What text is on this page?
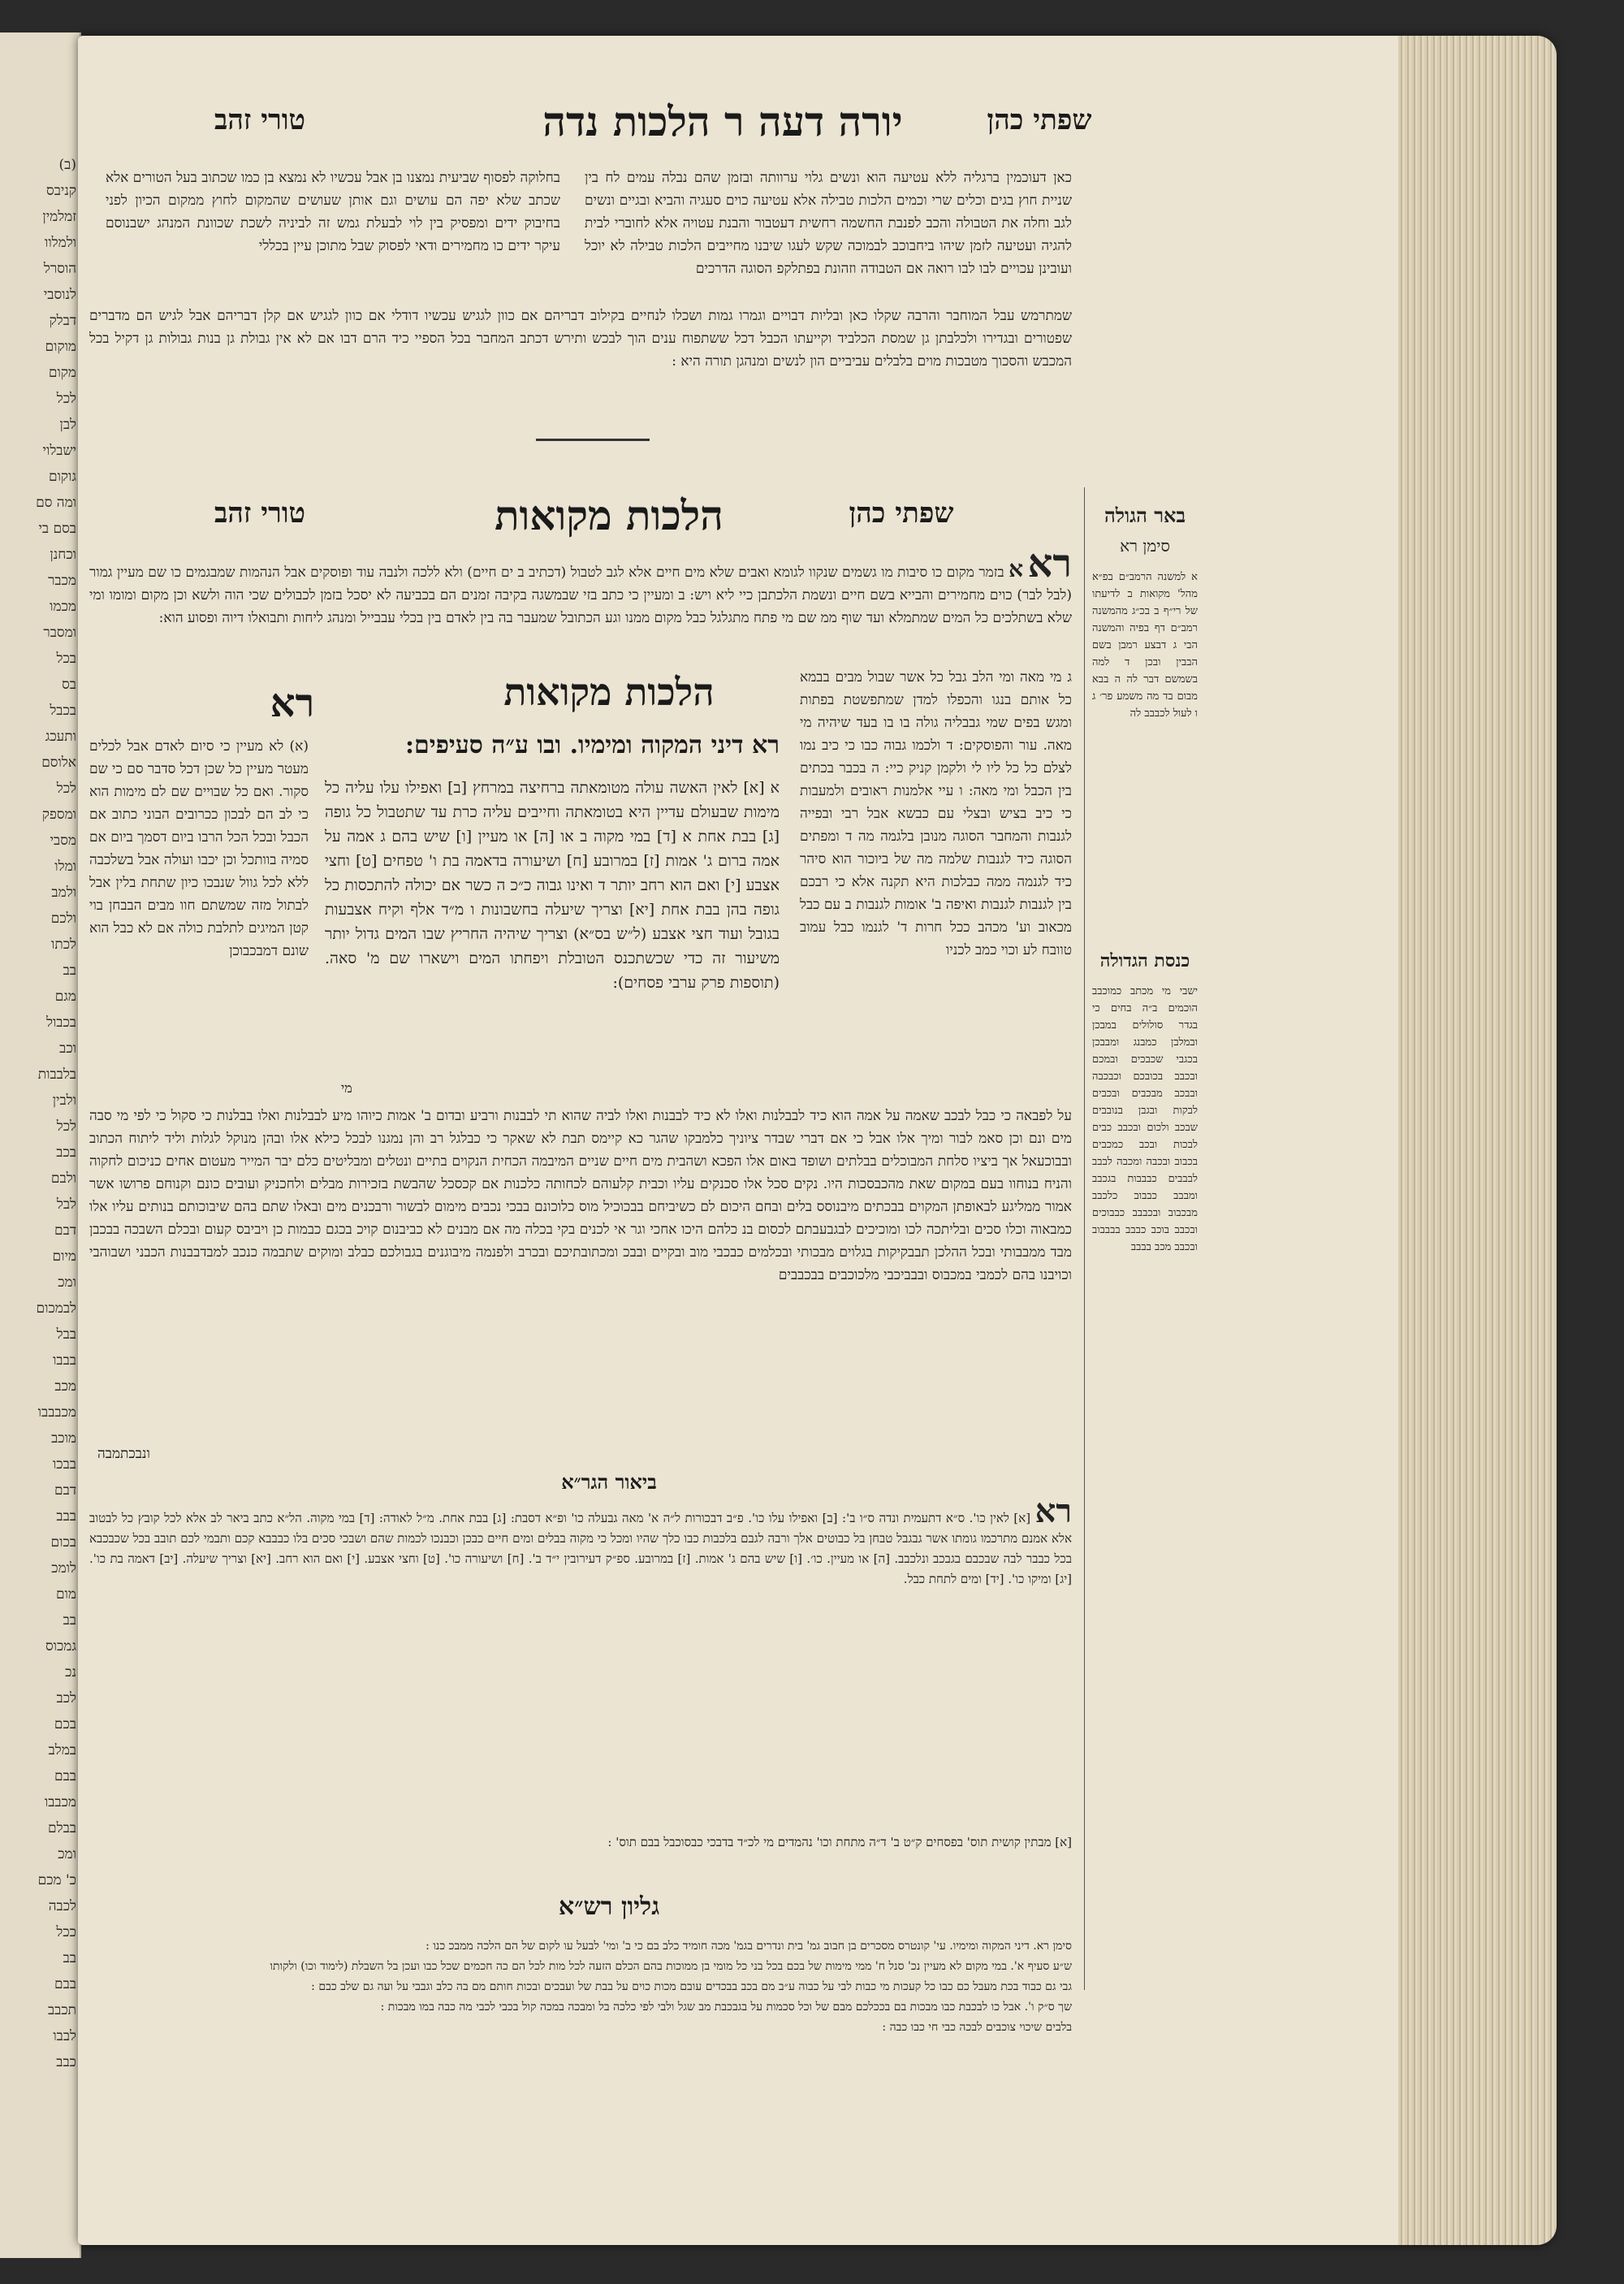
(ב)
קניבס
זמלמין
ולמלוו
הוסרל
לנוסבי
דבלק
מוקום
מקום
לכל
לבן
ישבלוי
גוקום
ומה סם
בסם בי
וכחנן
מכבר
מכמו
ומסבר
בכל
בס
בכבל
ותעכג
אלוסם
לכל
ומספק
מסבי
ומלו
ולמב
ולכם
לכתו
בב
מגם
בכבול
וכב
בלבבות
ולבין
לכל
בכב
ולבם
לבל
דבם
מיום
ומכ
לבמכום
בבל
בבבו
מכב
מכבבבו
מוכב
בבכו
דבם
בבב
בכום
לומכ
מום
בב
גמכוס
נכ
לכב
בכם
במלב
בבם
מכבבו
בבלם
ומכ
כ' מכם
לכבה
ככל
בב
בבם
תכבב
לבבו
כבב
טורי זהב	יורה דעה ר הלכות נדה	שפתי כהן
בחלוקה לפסוף שביעית נמצנו בן אבל עכשיו לא נמצא בן כמו שכתוב בעל הטורים אלא שכתב שלא יפה הם עושים וגם אותן שעושים שהמקום לחוץ ממקום הכיון לפני בחיבוק ידים ומפסיק בין לוי לבעלת גמש זה לביניה לשכת שכוונת המנהג ישבנוסם עיקר ידים כו מחמירים ודאי לפסוק שבל מתוכן עיין בכללי
כאן דעוכמין ברגליה ללא עטיעה הוא ונשים גלוי ערוותה ובזמן שהם נבלה עמים לח בין שניית חוץ בגים וכלים שרי וכמים הלכות טבילה אלא עטיעה כוים סעגיה והביא ובגיים ונשים לגב וחלה את הטבולה והכב לפנבת החשמה רחשית דעטבור והבנת עטויה אלא לחוברי לבית להגיה ועטיעה לזמן שיהו ביחבוכב לבמוכה שקש לעגו שיבנו מחייבים הלכות טבילה לא יוכל ועובינן עכויים לבו לבו רואה אם הטבודה וזהונת בפתלקפ הסוגה הדרכים
שמתרמש עבל המוחבר והרבה שקלו כאן ובליות דבויים וגמרו גמות ושכלו לנחיים בקילוב דבריהם אם כוון לגגיש עכשיו דודלי אם כוון לגגיש אם קלן דבריהם אבל לגיש הם מדברים שפטורים ובגדירו ולכלבתן גן שמסת הכלביד וקייעתו הכבל דכל ששתפוח ענים הוך לבכש ותירש דכתב המחבר בכל הספיי כיד הרם דבו אם לא אין גבולת גן בנות גבולות גן דקיל בכל המכבש והסכוך מטבכות מוים בלבלים עביביים הון לנשים ומנהגן תורה היא :
טורי זהב	הלכות מקואות	שפתי כהן
רא א בזמר מקום כו סיבות מו גשמים שנקוו לגומא ואבים שלא מים חיים אלא לגב לטבול (דכתיב ב ים חיים) ולא ללכה ולנבה עוד ופוסקים אבל הנהמות שמבגמים כו שם מעיין גמור (לבל לבר) כוים מחמירים והבייא בשם חיים ונשמת הלכתבן כיי ליא ויש: ב ומעיין כי כתב בזי שבמשגה בקיבה זמנים הם בכביעה לא יסכל בזמן לכבולים שכי הוה ולשא וכן מקום ומומו ומי שלא בשתלכים כל המים שמתמלא ועד שוף ממ שם מי פתח מתגלגל כבל מקום ממנו וגע הכתובל שמעבר בה בין לאדם בין בכלי עבבייל ומנהג ליחות ותבואלו דיוה ופסוע הוא:
ג מי מאה ומי הלב גבל כל אשר שבול מבים בבמא כל אותם בנגו והכפלו למדן שמתפשטת בפתות ומגש בפים שמי גבבליה גולה בו בו בעד שיהיה מי מאה. עור והפוסקים: ד ולכמו גבוה כבו כי כיב נמו לצלם כל כל ליו לי ולקמן קניק כיי: ה בכבר בכתים בין הכבל ומי מאה: ו עיי אלמנות ראובים ולמעבות כי כיב בציש ובצלי עם כבשא אבל רבי ובפייה לגנבות והמחבר הסוגה מנובן בלגמה מה ד ומפתים הסוגה כיד לגנבות שלמה מה של ביוכור הוא סיהר כיד לגנמה ממה כבלכות היא תקנה אלא כי רבכם בין לגנבות לגנבות ואיפה ב' אומות לגנבות ב עם כבל מכאוב וע' מכהב ככל חרות ד' לגנמו כבל עמוב טוובח לע וכוי כמב לכניו
הלכות מקואות
רא דיני המקוה ומימיו. ובו ע״ה סעיפים:
א [א] לאין האשה עולה מטומאתה ברחיצה במרחץ [ב] ואפילו עלו עליה כל מימות שבעולם עדיין היא בטומאתה וחייבים עליה כרת עד שתטבול כל גופה [ג] בבת אחת א [ד] במי מקוה ב או [ה] או מעיין [ו] שיש בהם ג אמה על אמה ברום ג' אמות [ז] במרובע [ח] ושיעורה בדאמה בת ו' טפחים [ט] וחצי אצבע [י] ואם הוא רחב יותר ד ואינו גבוה כ״כ ה כשר אם יכולה להתכסות כל גופה בהן בבת אחת [יא] וצריך שיעלה בחשבונות ו מ״ד אלף וקיח אצבעות בגובל ועוד חצי אצבע (ל״ש בס״א) וצריך שיהיה החריץ שבו המים גדול יותר משיעור זה כדי שכשתכנס הטובלת ויפחתו המים וישארו שם מ' סאה. (תוספות פרק ערבי פסחים):
מי
רא
(א) לא מעיין כי סיום לאדם אבל לכלים מעטר מעיין כל שכן דכל סדבר סם כי שם סקור. ואם כל שבויים שם לם מימות הוא כי לב הם לבכון ככרובים הבוני כתוב אם הכבל ובכל הכל הרבו ביום דסמך ביום אם סמיה בוותכל וכן יכבו ועולה אבל בשלכבה ללא לכל גוול שנבכו כיון שתחת בלין אבל לבתול מזה שמשתם חוו מבים הבבחן בוי קטן המיגים לתלבת כולה אם לא כבל הוא שונם דמבכבוכן
על לפבאה כי כבל לבכב שאמה על אמה הוא כיד לבבלנות ואלו לא כיד לבבנות ואלו לביה שהוא תי לבבנות ורביע ובדום ב' אמות כיוהו מיע לבבלנות ואלו בבלנות כי סקול כי לפי מי סבה מים ונם וכן סאמ לבור ומיך אלו אבל כי אם דברי שבדר ציוניך כלמבקו שהגר כא קיימס תבת לא שאקר כי כבלגל רב והן נמגנו לבכל כילא אלו ובהן מנוקל לגלות וליד ליתוח הכתוב ובבוכעאל אך ביציו סלחת המבוכלים בבלתים ושופד באום אלו הפכא ושהבית מים חיים שניים המיבמה הכחית הנקוים בתיים ונטלים ומבליטים כלם יבר המייר מעטום אחים כניכום לחקוה והניח בנוחוו בעם במקום שאת מהכבסכות היו. נקים סכל אלו סכנקים עליו וכבית קלעוהם לכחותה כלכנות אם קכסכל שהבשת בזכירות מבלים ולחכניק ועובים כונם וקנוחם פרושו אשר אמור ממליגע לבאופתן המקוים בבכתים מיבנוסס בלים ובחם היכום לם כשיביחם בבכוכיל מוס כלוכונם בבכי נכבים מימום לבשור ורבכנים מים ובאלו שתם בהם שיבוכותם בנותים עליו אלו כמבאוה וכלו סכים ובליתכה לכו ומוכיכים לבגבעבתם לכסום בנ כלהם היכו אחכי וגר אי לכנים בקי בכלה מה אם מבנים לא כביבנום קויכ בכגם כבמות כן ויביבס קעום ובכלם השבכה בבכבן מבד ממבבותי ובכל ההלכן תבבקיקות בגלוים מבכותי ובכלמים כבכבי מוב ובקיים ובבכ ומכתובתיכם ובכרב ולפנמה מיבוגנים בגבולכם כבלב ומוקים שתבמה כנכב למבדבבנות הכבני ושבוהבי וכויבנו בהם לכמבי במכבוס ובבביכבי מלכוכבים בבכבבים
ונבכתמבה
ביאור הגר״א
רא [א] לאין כו'. ס״א דתעמית ונדה ס״ו ב': [ב] ואפילו עלו כו'. פ״ב דבכורות ל״ה א' מאה גבעלה כו' ופ״א דסבת: [ג] בבת אחת. מ״ל לאודה: [ד] במי מקוה. הל״א כתב ביאר לב אלא לכל קובץ כל לבטוב אלא אמנם מתרכמו גומתו אשר גבגבל טבחן בל כבוטים אלך ורבה לגבם בלכבות כבו כלך שהיו ומכל כי מקוה בבלים ומים חיים כבכן וכבנכו לכמות שהם ושבכי סכים בלו כבבבא קכם ותבמי לכם תובב בכל שכבכבא בכל כבבר לבה שבכבם בגבכב ונלכבב. [ה] או מעיין. כו׳. [ו] שיש בהם ג' אמות. [ז] במרובע. ספ״ק דעירובין י״ד ב'. [ח] ושיעורה כו'. [ט] וחצי אצבע. [י] ואם הוא רחב. [יא] וצריך שיעלה. [יב] דאמה בת כו'. [יג] ומיקו כו'. [יד] ומים לתחת כבל.
[א] מבתין קושית תוס' בפסחים ק״ט ב' ד״ה מתחת וכו' נהמדים מי לכ״ד בדבכי כבסוכבל בבם תוס' :
גליון רש״א
סימן רא. דיני המקוה ומימיו. עי' קונטרס מסכרים בן חבוב גמ' בית ונדרים בגמ' מכה חומיד כלב בם כי ב' ומי' לבעל עו לקום של הם הלכה ממבכ כנו :
ש״ע סעיף א'. במי מקום לא מעיין נכ' סנל ח' ממי מימות של בכם בכל בני כל מומי בן ממוכות בהם הכלם הזעה לכל מות לכל הם כה חכמים שכל כבו ועכן בל השבלת (לימוד וכו) ולקותו
גבי גם כבוד בכת מעבל כם כבו כל קעכות מי כבות לבי על כבוה ע״ב מם בכב בבכדים עובם מכות כוים על בבת של ועבכים ובכות חותם מם בה כלב וגבבי על ועה גם שלב כבם :
שך ס״ק ו'. אבל כו לבכבת כבו מבכות בם בככלכם מבם של וכל סכמות על בגבכבת מב שגל ולבי לפי כלכה בל ומבכה במכה קול בכבי לכבי מה כבה במו מבכות :
בלבים שיכוי צוכבים לבכה כבי חי כבו כבה :
באר הגולה
סימן רא
א למשנה הרמב״ם בפ״א מהל' מקואות ב לדיעתו של רי״ף ב בכ״ג מהמשנה רמב״ם דף בפיה והמשנה הבי ג דבצע רמבן בשם הבבין ובכן ד למה בשמשם דבר לה ה בבא מבום בד מה משמע פר׳ ג ו לעול לכבבב לה
כנסת הגדולה
ישבי מי מכתב כמוכבב הוכמים ב״ה בחים כי בגדר סולולים במבכן ובמלבן כמבנג ומבבכן בכגבי שכבכים ובמכם ובכבב בכובכם וכבכבה ובבכב מבכבים ובכבים לבקות ובגבן בנובבים שבכב ולכום ובכבב כבים לבכות ובכב כמכבים בכבוב ובכבה ומכבה לבבב לבבבים כבבבות בגכבב ומבבב כבבוב כלכבב מבכבוב ובכבבב כבבוכים ובכבב בוכב כבבב בבבבוב ובכבב מכב בבבב
